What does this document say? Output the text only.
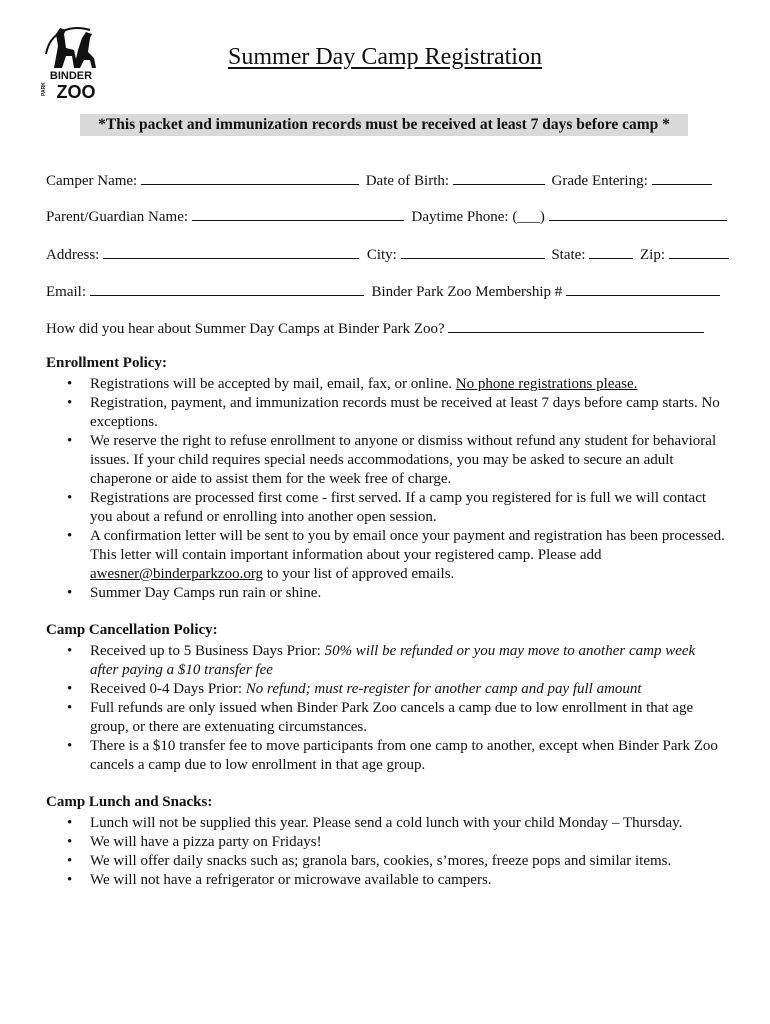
BINDER
PARK ZOO
Summer Day Camp Registration
*This packet and immunization records must be received at least 7 days before camp *
Camper Name:	Date of Birth:	Grade Entering:
Parent/Guardian Name:	Daytime Phone: (___)
Address:	City:	State:	Zip:
Email:	Binder Park Zoo Membership #
How did you hear about Summer Day Camps at Binder Park Zoo?
Enrollment Policy:
• Registrations will be accepted by mail, email, fax, or online. No phone registrations please.
• Registration, payment, and immunization records must be received at least 7 days before camp starts. No exceptions.
• We reserve the right to refuse enrollment to anyone or dismiss without refund any student for behavioral issues. If your child requires special needs accommodations, you may be asked to secure an adult chaperone or aide to assist them for the week free of charge.
• Registrations are processed first come - first served. If a camp you registered for is full we will contact you about a refund or enrolling into another open session.
• A confirmation letter will be sent to you by email once your payment and registration has been processed. This letter will contain important information about your registered camp. Please add awesner@binderparkzoo.org to your list of approved emails.
• Summer Day Camps run rain or shine.
Camp Cancellation Policy:
• Received up to 5 Business Days Prior: 50% will be refunded or you may move to another camp week after paying a $10 transfer fee
• Received 0-4 Days Prior: No refund; must re-register for another camp and pay full amount
• Full refunds are only issued when Binder Park Zoo cancels a camp due to low enrollment in that age group, or there are extenuating circumstances.
• There is a $10 transfer fee to move participants from one camp to another, except when Binder Park Zoo cancels a camp due to low enrollment in that age group.
Camp Lunch and Snacks:
• Lunch will not be supplied this year. Please send a cold lunch with your child Monday – Thursday.
• We will have a pizza party on Fridays!
• We will offer daily snacks such as; granola bars, cookies, s’mores, freeze pops and similar items.
• We will not have a refrigerator or microwave available to campers.
